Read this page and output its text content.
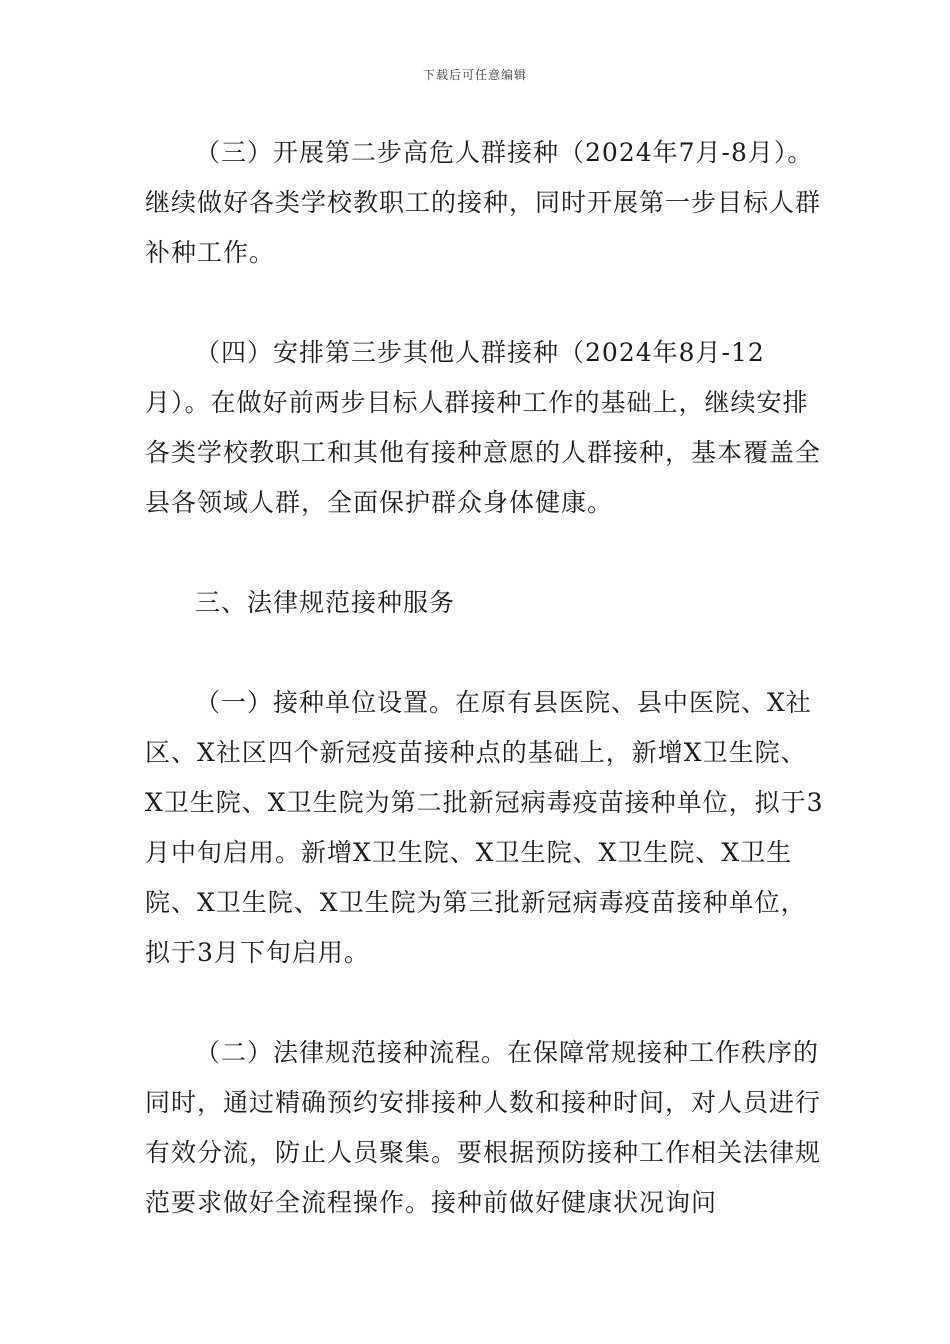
下载后可任意编辑

（三）开展第二步高危人群接种（2024年7月-8月）。继续做好各类学校教职工的接种，同时开展第一步目标人群补种工作。

（四）安排第三步其他人群接种（2024年8月-12月）。在做好前两步目标人群接种工作的基础上，继续安排各类学校教职工和其他有接种意愿的人群接种，基本覆盖全县各领域人群，全面保护群众身体健康。

三、法律规范接种服务

（一）接种单位设置。在原有县医院、县中医院、X社区、X社区四个新冠疫苗接种点的基础上，新增X卫生院、X卫生院、X卫生院为第二批新冠病毒疫苗接种单位，拟于3月中旬启用。新增X卫生院、X卫生院、X卫生院、X卫生院、X卫生院、X卫生院为第三批新冠病毒疫苗接种单位，拟于3月下旬启用。

（二）法律规范接种流程。在保障常规接种工作秩序的同时，通过精确预约安排接种人数和接种时间，对人员进行有效分流，防止人员聚集。要根据预防接种工作相关法律规范要求做好全流程操作。接种前做好健康状况询问
